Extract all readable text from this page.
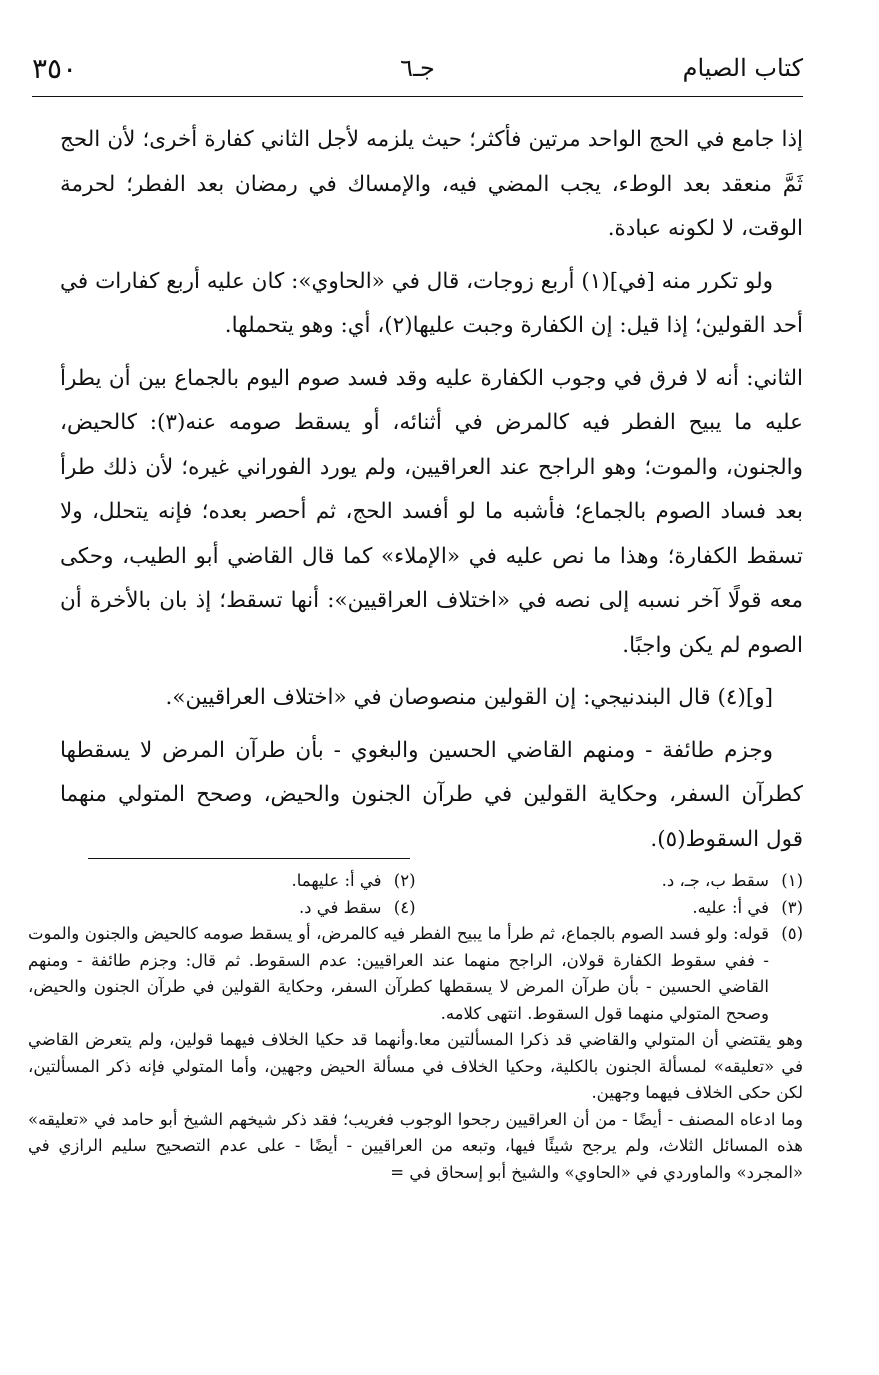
٣٥٠	جـ٦	كتاب الصيام

إذا جامع في الحج الواحد مرتين فأكثر؛ حيث يلزمه لأجل الثاني كفارة أخرى؛ لأن الحج ثَمَّ منعقد بعد الوطء، يجب المضي فيه، والإمساك في رمضان بعد الفطر؛ لحرمة الوقت، لا لكونه عبادة.

ولو تكرر منه [في](١) أربع زوجات، قال في «الحاوي»: كان عليه أربع كفارات في أحد القولين؛ إذا قيل: إن الكفارة وجبت عليها(٢)، أي: وهو يتحملها.

الثاني: أنه لا فرق في وجوب الكفارة عليه وقد فسد صوم اليوم بالجماع بين أن يطرأ عليه ما يبيح الفطر فيه كالمرض في أثنائه، أو يسقط صومه عنه(٣): كالحيض، والجنون، والموت؛ وهو الراجح عند العراقيين، ولم يورد الفوراني غيره؛ لأن ذلك طرأ بعد فساد الصوم بالجماع؛ فأشبه ما لو أفسد الحج، ثم أحصر بعده؛ فإنه يتحلل، ولا تسقط الكفارة؛ وهذا ما نص عليه في «الإملاء» كما قال القاضي أبو الطيب، وحكى معه قولًا آخر نسبه إلى نصه في «اختلاف العراقيين»: أنها تسقط؛ إذ بان بالأخرة أن الصوم لم يكن واجبًا.

[و](٤) قال البندنيجي: إن القولين منصوصان في «اختلاف العراقيين».

وجزم طائفة - ومنهم القاضي الحسين والبغوي - بأن طرآن المرض لا يسقطها كطرآن السفر، وحكاية القولين في طرآن الجنون والحيض، وصحح المتولي منهما قول السقوط(٥).

(١)
سقط ب، جـ، د.
(٢)
في أ: عليهما.
(٣)
في أ: عليه.
(٤)
سقط في د.
(٥)
قوله: ولو فسد الصوم بالجماع، ثم طرأ ما يبيح الفطر فيه كالمرض، أو يسقط صومه كالحيض والجنون والموت - ففي سقوط الكفارة قولان، الراجح منهما عند العراقيين: عدم السقوط. ثم قال: وجزم طائفة - ومنهم القاضي الحسين - بأن طرآن المرض لا يسقطها كطرآن السفر، وحكاية القولين في طرآن الجنون والحيض، وصحح المتولي منهما قول السقوط. انتهى كلامه.
وهو يقتضي أن المتولي والقاضي قد ذكرا المسألتين معا.وأنهما قد حكيا الخلاف فيهما قولين، ولم يتعرض القاضي في «تعليقه» لمسألة الجنون بالكلية، وحكيا الخلاف في مسألة الحيض وجهين، وأما المتولي فإنه ذكر المسألتين، لكن حكى الخلاف فيهما وجهين.
وما ادعاه المصنف - أيضًا - من أن العراقيين رجحوا الوجوب فغريب؛ فقد ذكر شيخهم الشيخ أبو حامد في «تعليقه» هذه المسائل الثلاث، ولم يرجح شيئًا فيها، وتبعه من العراقيين - أيضًا - على عدم التصحيح سليم الرازي في «المجرد» والماوردي في «الحاوي» والشيخ أبو إسحاق في =
